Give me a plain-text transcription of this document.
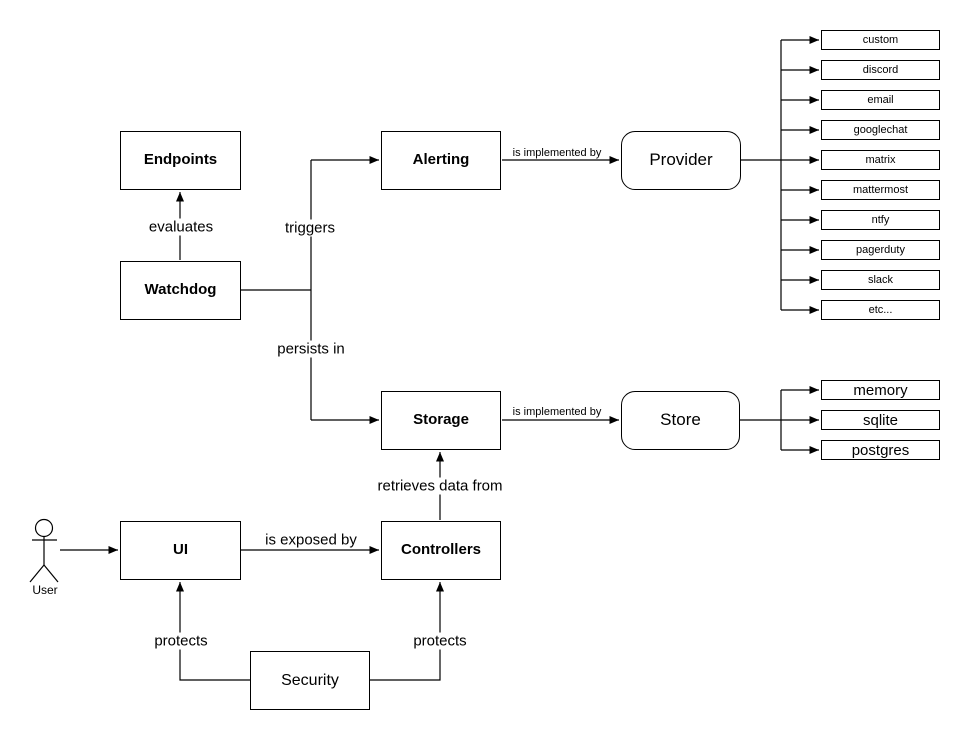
Endpoints
Watchdog
Alerting	Provider
Storage	Store
UI	Controllers
Security
custom
discord
email
googlechat
matrix
mattermost
ntfy
pagerduty
slack
etc...
memory
sqlite
postgres
evaluates	triggers
persists in
is implemented by
is implemented by
retrieves data from
is exposed by
protects	protects
User
